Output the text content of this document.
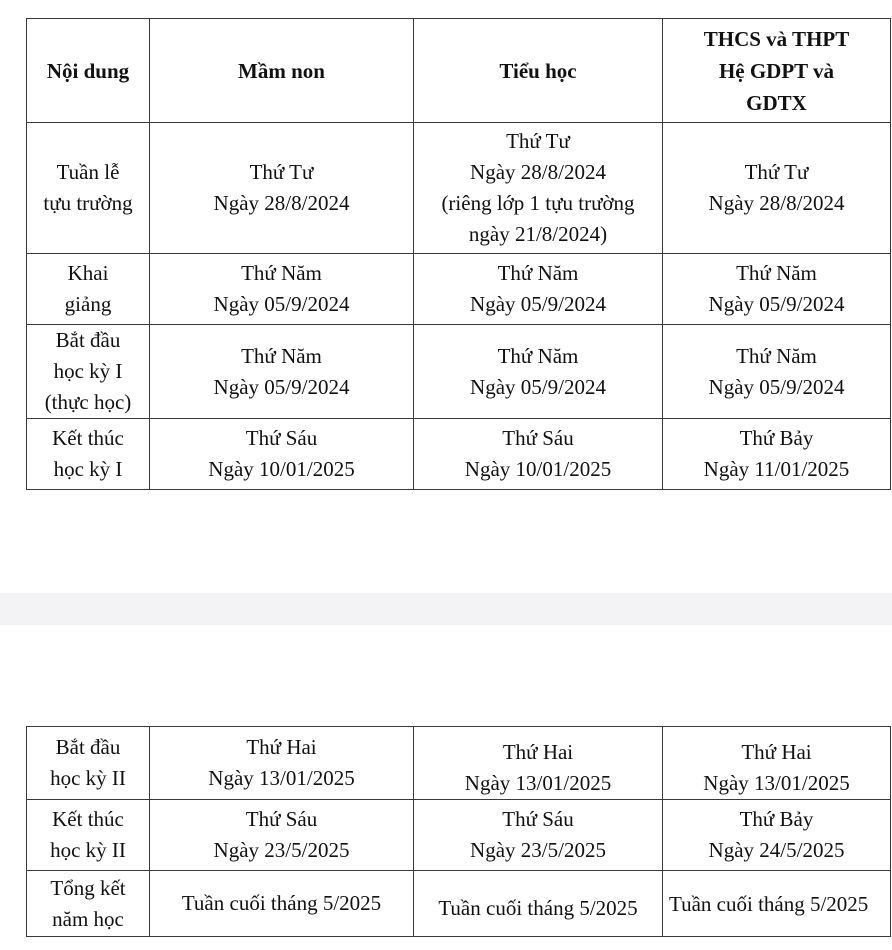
Nội dung	Mầm non	Tiểu học	THCS và THPT
Hệ GDPT và
GDTX

Tuần lễ
tựu trường	Thứ Tư
Ngày 28/8/2024	Thứ Tư
Ngày 28/8/2024
(riêng lớp 1 tựu trường
ngày 21/8/2024)	Thứ Tư
Ngày 28/8/2024

Khai
giảng	Thứ Năm
Ngày 05/9/2024	Thứ Năm
Ngày 05/9/2024	Thứ Năm
Ngày 05/9/2024

Bắt đầu
học kỳ I
(thực học)	Thứ Năm
Ngày 05/9/2024	Thứ Năm
Ngày 05/9/2024	Thứ Năm
Ngày 05/9/2024

Kết thúc
học kỳ I	Thứ Sáu
Ngày 10/01/2025	Thứ Sáu
Ngày 10/01/2025	Thứ Bảy
Ngày 11/01/2025
Bắt đầu
học kỳ II	Thứ Hai
Ngày 13/01/2025	Thứ Hai
Ngày 13/01/2025	Thứ Hai
Ngày 13/01/2025

Kết thúc
học kỳ II	Thứ Sáu
Ngày 23/5/2025	Thứ Sáu
Ngày 23/5/2025	Thứ Bảy
Ngày 24/5/2025

Tổng kết
năm học	Tuần cuối tháng 5/2025	Tuần cuối tháng 5/2025	Tuần cuối tháng 5/2025
